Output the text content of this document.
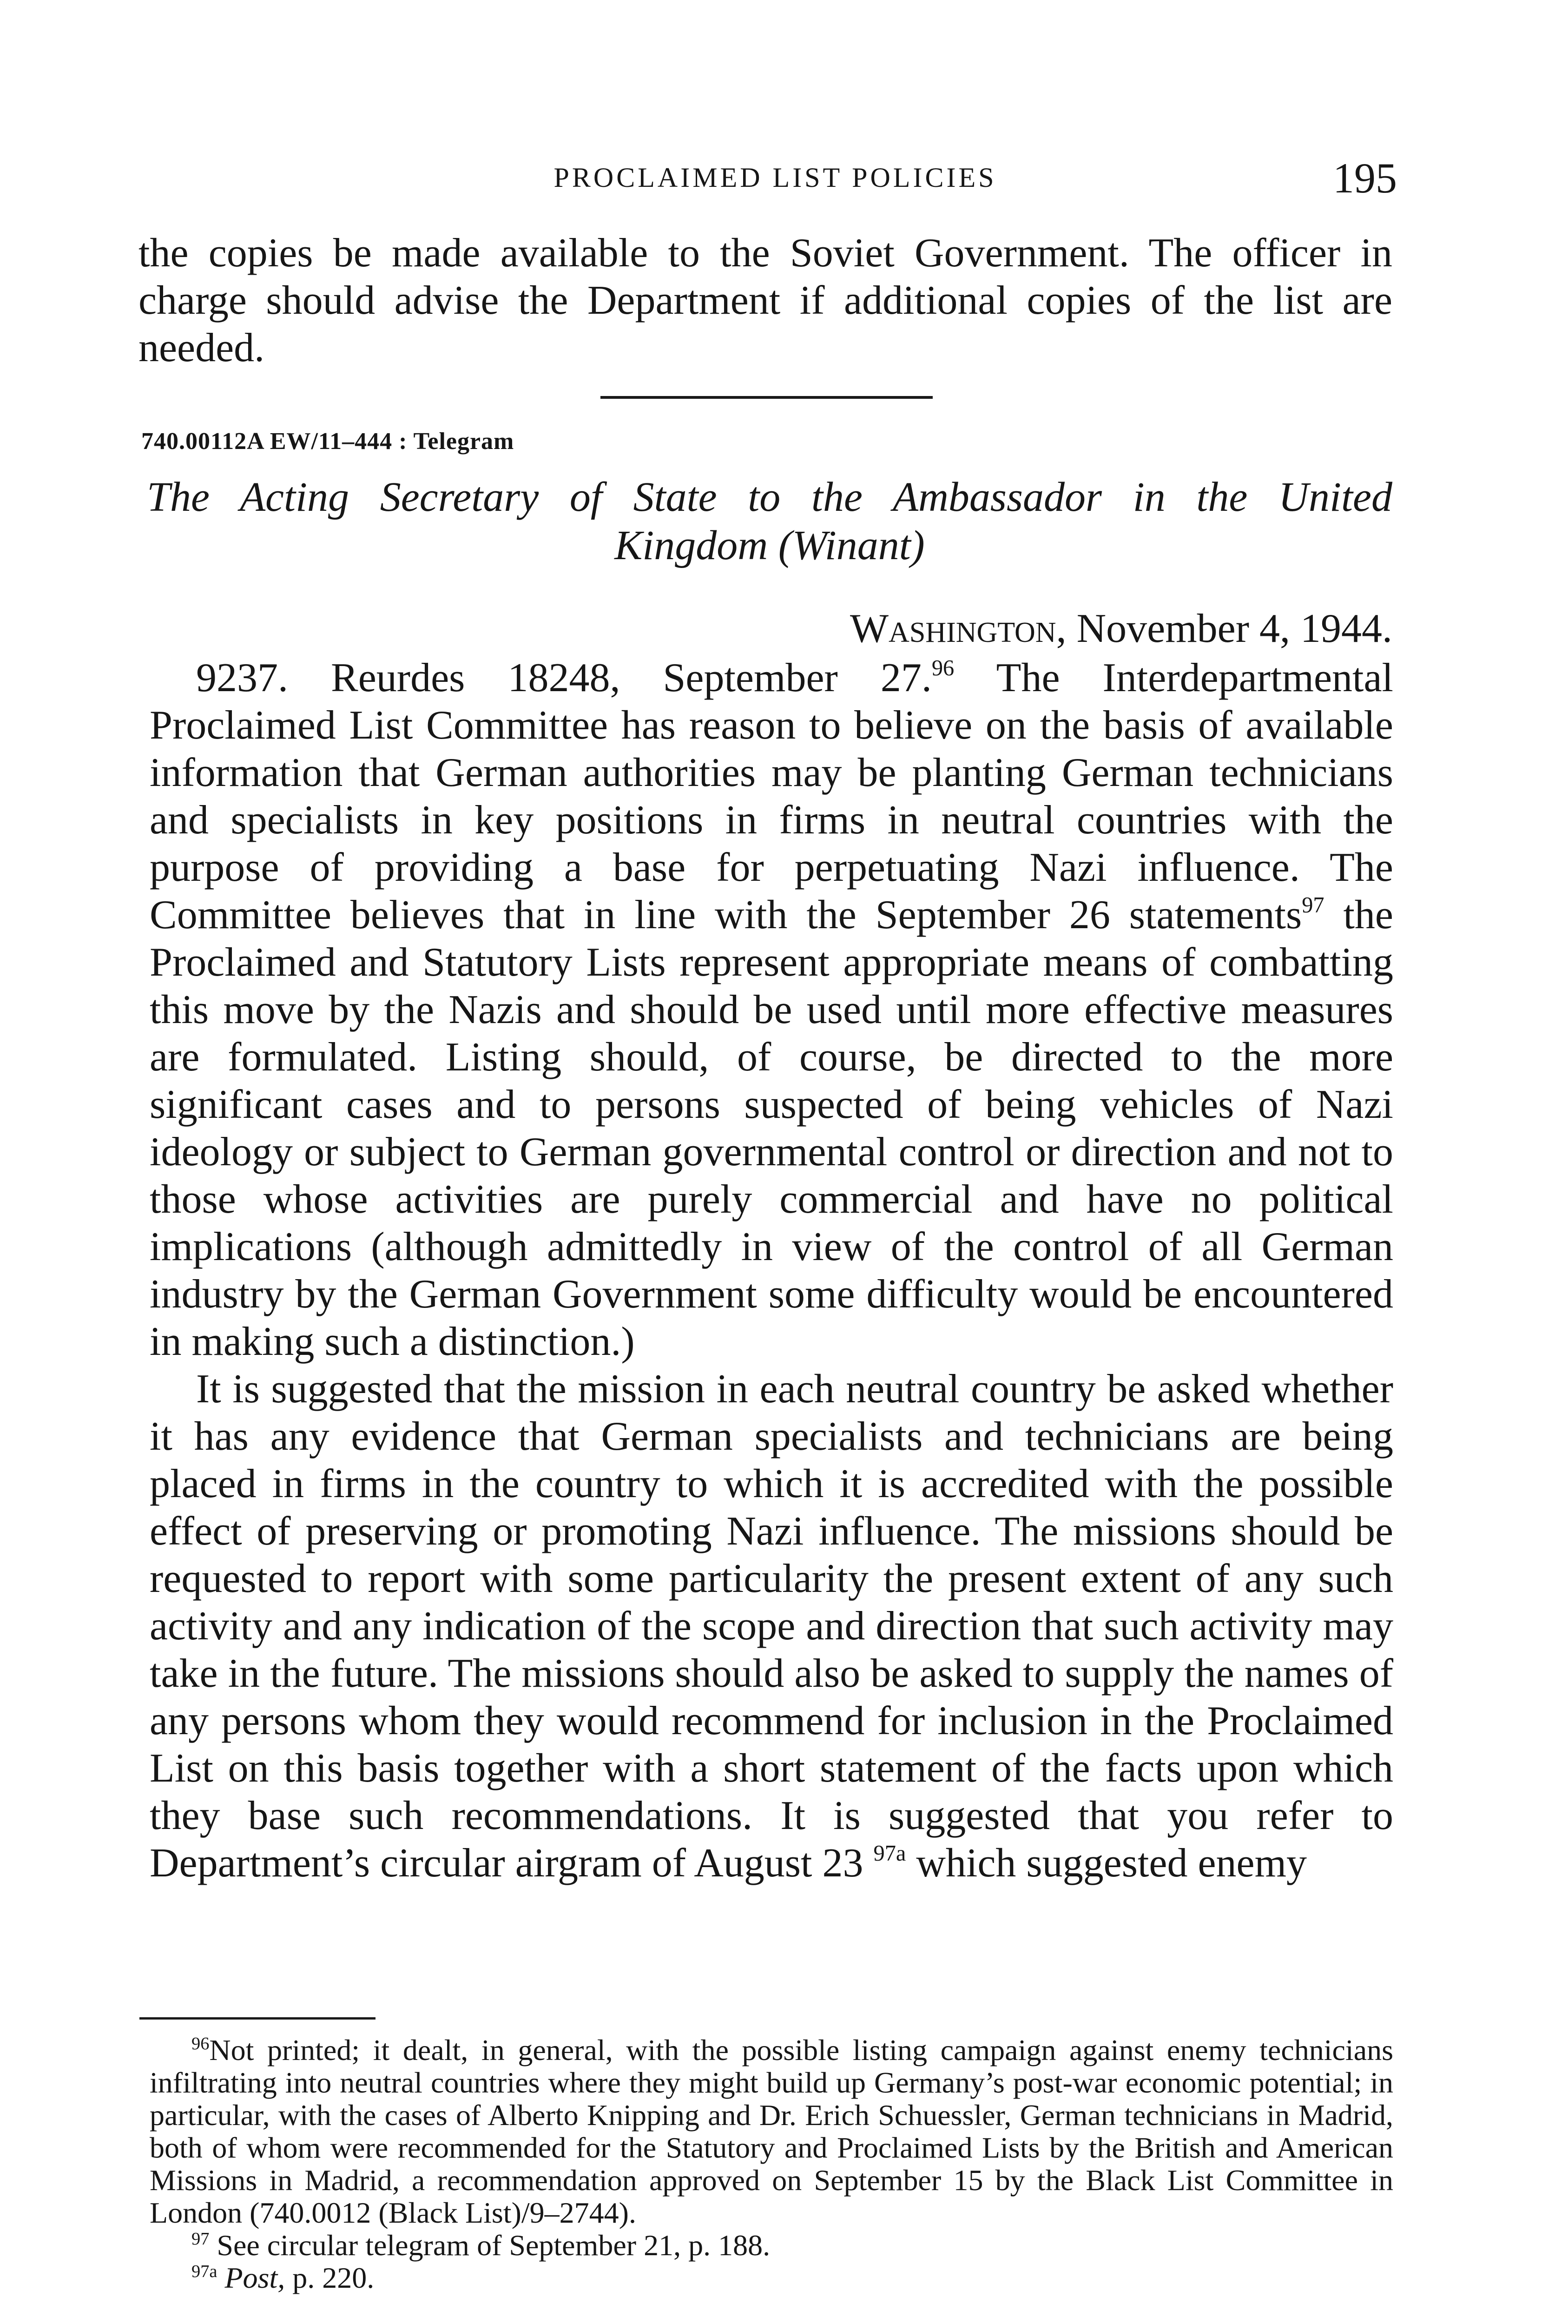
PROCLAIMED LIST POLICIES	195

the copies be made available to the Soviet Government. The officer in charge should advise the Department if additional copies of the list are needed.

740.00112A EW/11–444 : Telegram
The Acting Secretary of State to the Ambassador in the United
Kingdom (Winant)
Washington, November 4, 1944.

9237. Reurdes 18248, September 27.96 The Interdepartmental Proclaimed List Committee has reason to believe on the basis of available information that German authorities may be planting German technicians and specialists in key positions in firms in neutral countries with the purpose of providing a base for perpetuating Nazi influence. The Committee believes that in line with the September 26 statements$^{97}$ the Proclaimed and Statutory Lists represent appropriate means of combatting this move by the Nazis and should be used until more effective measures are formulated. Listing should, of course, be directed to the more significant cases and to persons suspected of being vehicles of Nazi ideology or subject to German governmental control or direction and not to those whose activities are purely commercial and have no political implications (although admittedly in view of the control of all German industry by the German Government some difficulty would be encountered in making such a distinction.)

It is suggested that the mission in each neutral country be asked whether it has any evidence that German specialists and technicians are being placed in firms in the country to which it is accredited with the possible effect of preserving or promoting Nazi influence. The missions should be requested to report with some particularity the present extent of any such activity and any indication of the scope and direction that such activity may take in the future. The missions should also be asked to supply the names of any persons whom they would recommend for inclusion in the Proclaimed List on this basis together with a short statement of the facts upon which they base such recommendations. It is suggested that you refer to Department’s circular airgram of August 23 $^{97a}$ which suggested enemy

$^{96}$Not printed; it dealt, in general, with the possible listing campaign against enemy technicians infiltrating into neutral countries where they might build up Germany’s post-war economic potential; in particular, with the cases of Alberto Knipping and Dr. Erich Schuessler, German technicians in Madrid, both of whom were recommended for the Statutory and Proclaimed Lists by the British and American Missions in Madrid, a recommendation approved on September 15 by the Black List Committee in London (740.0012 (Black List)/9–2744).

$^{97}$ See circular telegram of September 21, p. 188.

$^{97a}$ Post, p. 220.
